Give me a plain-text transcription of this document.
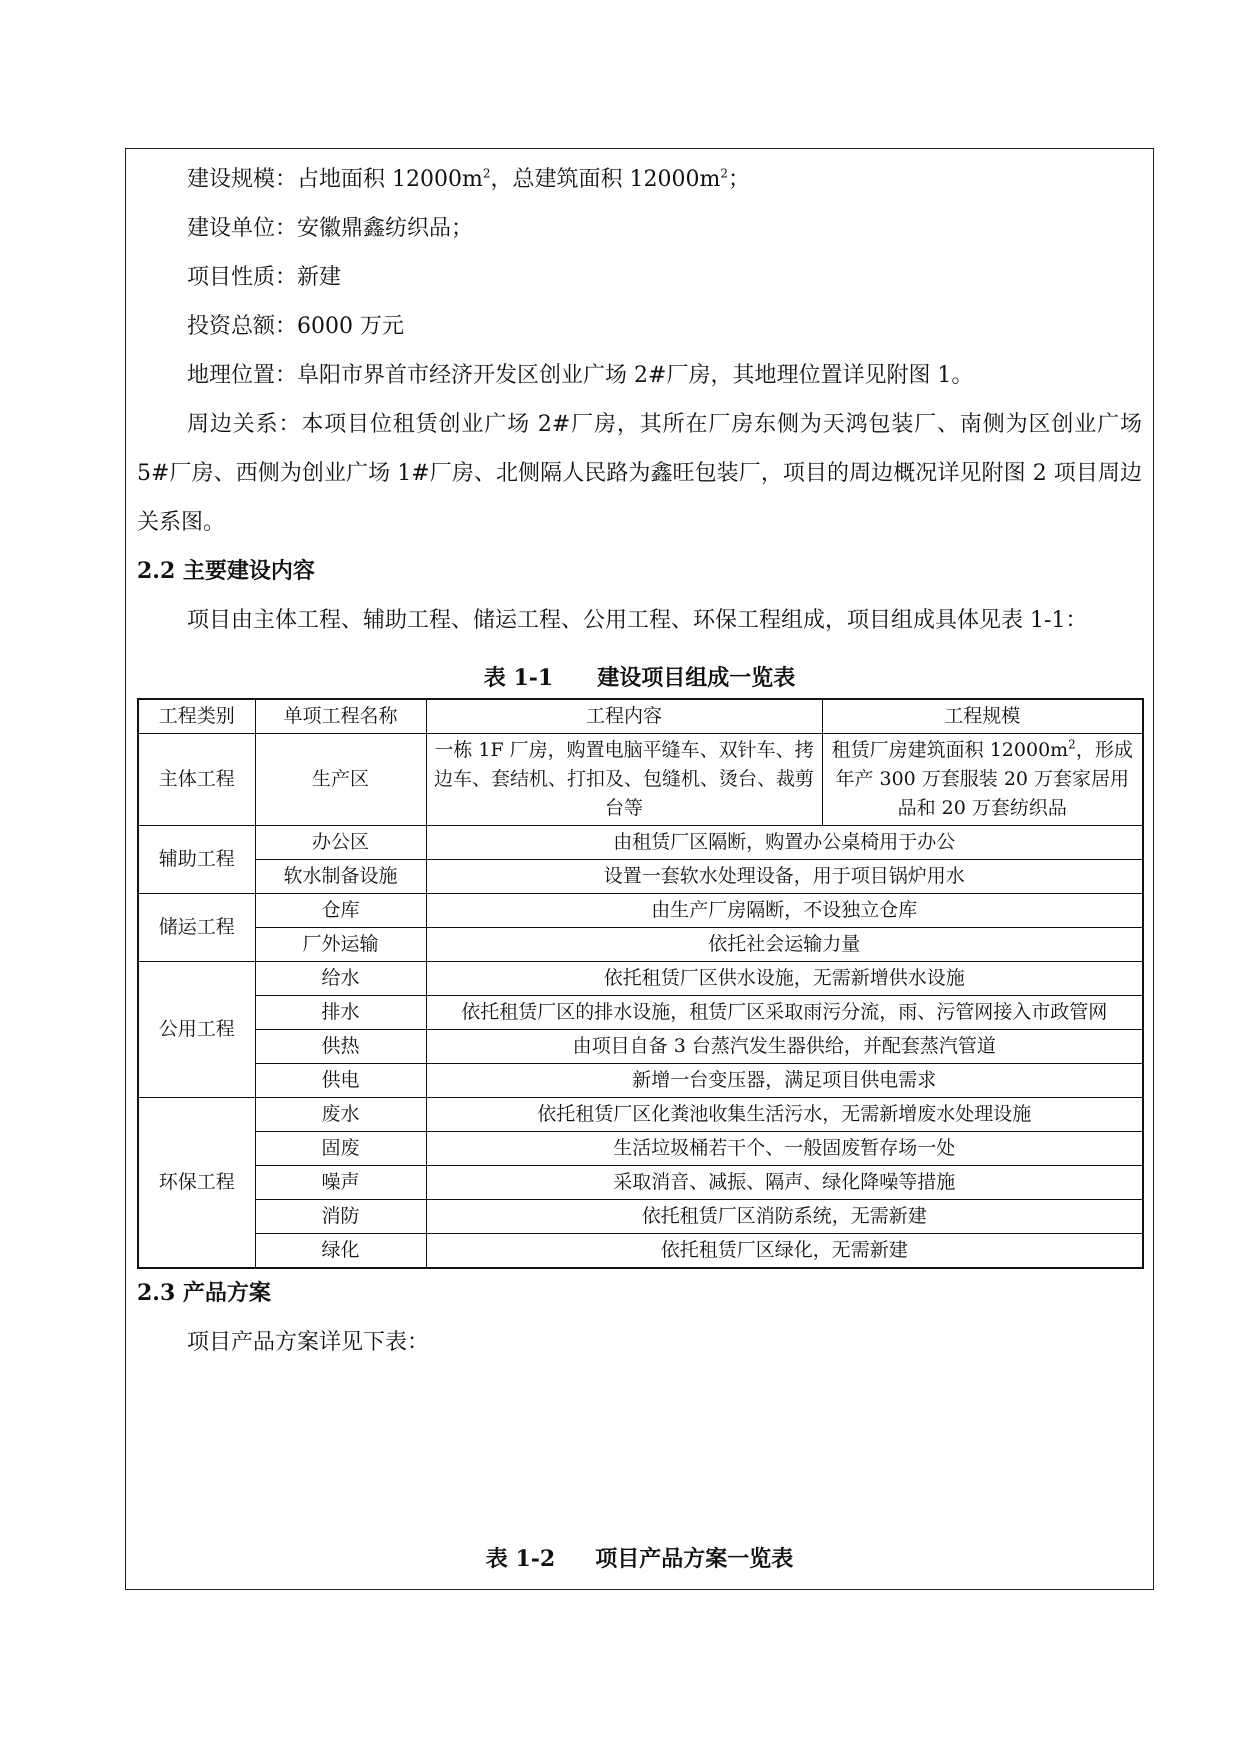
建设规模：占地面积 $12000m^2$，总建筑面积 $12000m^2$；

建设单位：安徽鼎鑫纺织品；

项目性质：新建

投资总额：6000 万元

地理位置：阜阳市界首市经济开发区创业广场 2#厂房，其地理位置详见附图 1。

周边关系：本项目位租赁创业广场 2#厂房，其所在厂房东侧为天鸿包装厂、南侧为区创业广场 5#厂房、西侧为创业广场 1#厂房、北侧隔人民路为鑫旺包装厂，项目的周边概况详见附图 2 项目周边关系图。

2.2 主要建设内容

项目由主体工程、辅助工程、储运工程、公用工程、环保工程组成，项目组成具体见表 1-1：

表 1-1 建设项目组成一览表
工程类别	单项工程名称	工程内容	工程规模
主体工程	生产区	一栋 1F 厂房，购置电脑平缝车、双针车、拷边车、套结机、打扣及、包缝机、烫台、裁剪台等	租赁厂房建筑面积 $12000m^2$，形成年产 300 万套服装 20 万套家居用品和 20 万套纺织品
辅助工程	办公区	由租赁厂区隔断，购置办公桌椅用于办公	
	软水制备设施	设置一套软水处理设备，用于项目锅炉用水	
储运工程	仓库	由生产厂房隔断，不设独立仓库	
	厂外运输	依托社会运输力量	
公用工程	给水	依托租赁厂区供水设施，无需新增供水设施	
	排水	依托租赁厂区的排水设施，租赁厂区采取雨污分流，雨、污管网接入市政管网	
	供热	由项目自备 3 台蒸汽发生器供给，并配套蒸汽管道	
	供电	新增一台变压器，满足项目供电需求	
环保工程	废水	依托租赁厂区化粪池收集生活污水，无需新增废水处理设施	
	固废	生活垃圾桶若干个、一般固废暂存场一处	
	噪声	采取消音、减振、隔声、绿化降噪等措施	
	消防	依托租赁厂区消防系统，无需新建	
	绿化	依托租赁厂区绿化，无需新建	
2.3 产品方案

项目产品方案详见下表：

表 1-2 项目产品方案一览表
